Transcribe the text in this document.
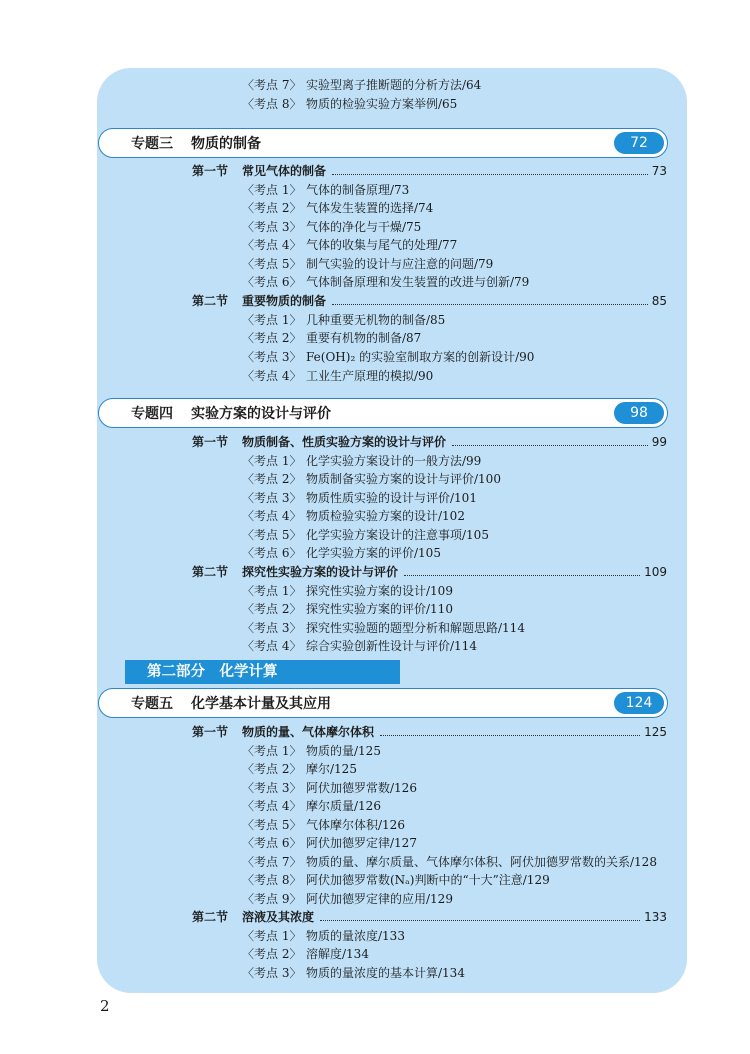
〈考点 7〉 实验型离子推断题的分析方法/64
〈考点 8〉 物质的检验实验方案举例/65
专题三	物质的制备	72
第一节	常见气体的制备	73
〈考点 1〉 气体的制备原理/73
〈考点 2〉 气体发生装置的选择/74
〈考点 3〉 气体的净化与干燥/75
〈考点 4〉 气体的收集与尾气的处理/77
〈考点 5〉 制气实验的设计与应注意的问题/79
〈考点 6〉 气体制备原理和发生装置的改进与创新/79
第二节	重要物质的制备	85
〈考点 1〉 几种重要无机物的制备/85
〈考点 2〉 重要有机物的制备/87
〈考点 3〉 Fe(OH)₂ 的实验室制取方案的创新设计/90
〈考点 4〉 工业生产原理的模拟/90
专题四	实验方案的设计与评价	98
第一节	物质制备、性质实验方案的设计与评价	99
〈考点 1〉 化学实验方案设计的一般方法/99
〈考点 2〉 物质制备实验方案的设计与评价/100
〈考点 3〉 物质性质实验的设计与评价/101
〈考点 4〉 物质检验实验方案的设计/102
〈考点 5〉 化学实验方案设计的注意事项/105
〈考点 6〉 化学实验方案的评价/105
第二节	探究性实验方案的设计与评价	109
〈考点 1〉 探究性实验方案的设计/109
〈考点 2〉 探究性实验方案的评价/110
〈考点 3〉 探究性实验题的题型分析和解题思路/114
〈考点 4〉 综合实验创新性设计与评价/114
第二部分　化学计算
专题五	化学基本计量及其应用	124
第一节	物质的量、气体摩尔体积	125
〈考点 1〉 物质的量/125
〈考点 2〉 摩尔/125
〈考点 3〉 阿伏加德罗常数/126
〈考点 4〉 摩尔质量/126
〈考点 5〉 气体摩尔体积/126
〈考点 6〉 阿伏加德罗定律/127
〈考点 7〉 物质的量、摩尔质量、气体摩尔体积、阿伏加德罗常数的关系/128
〈考点 8〉 阿伏加德罗常数(Nₐ)判断中的“十大”注意/129
〈考点 9〉 阿伏加德罗定律的应用/129
第二节	溶液及其浓度	133
〈考点 1〉 物质的量浓度/133
〈考点 2〉 溶解度/134
〈考点 3〉 物质的量浓度的基本计算/134
2
